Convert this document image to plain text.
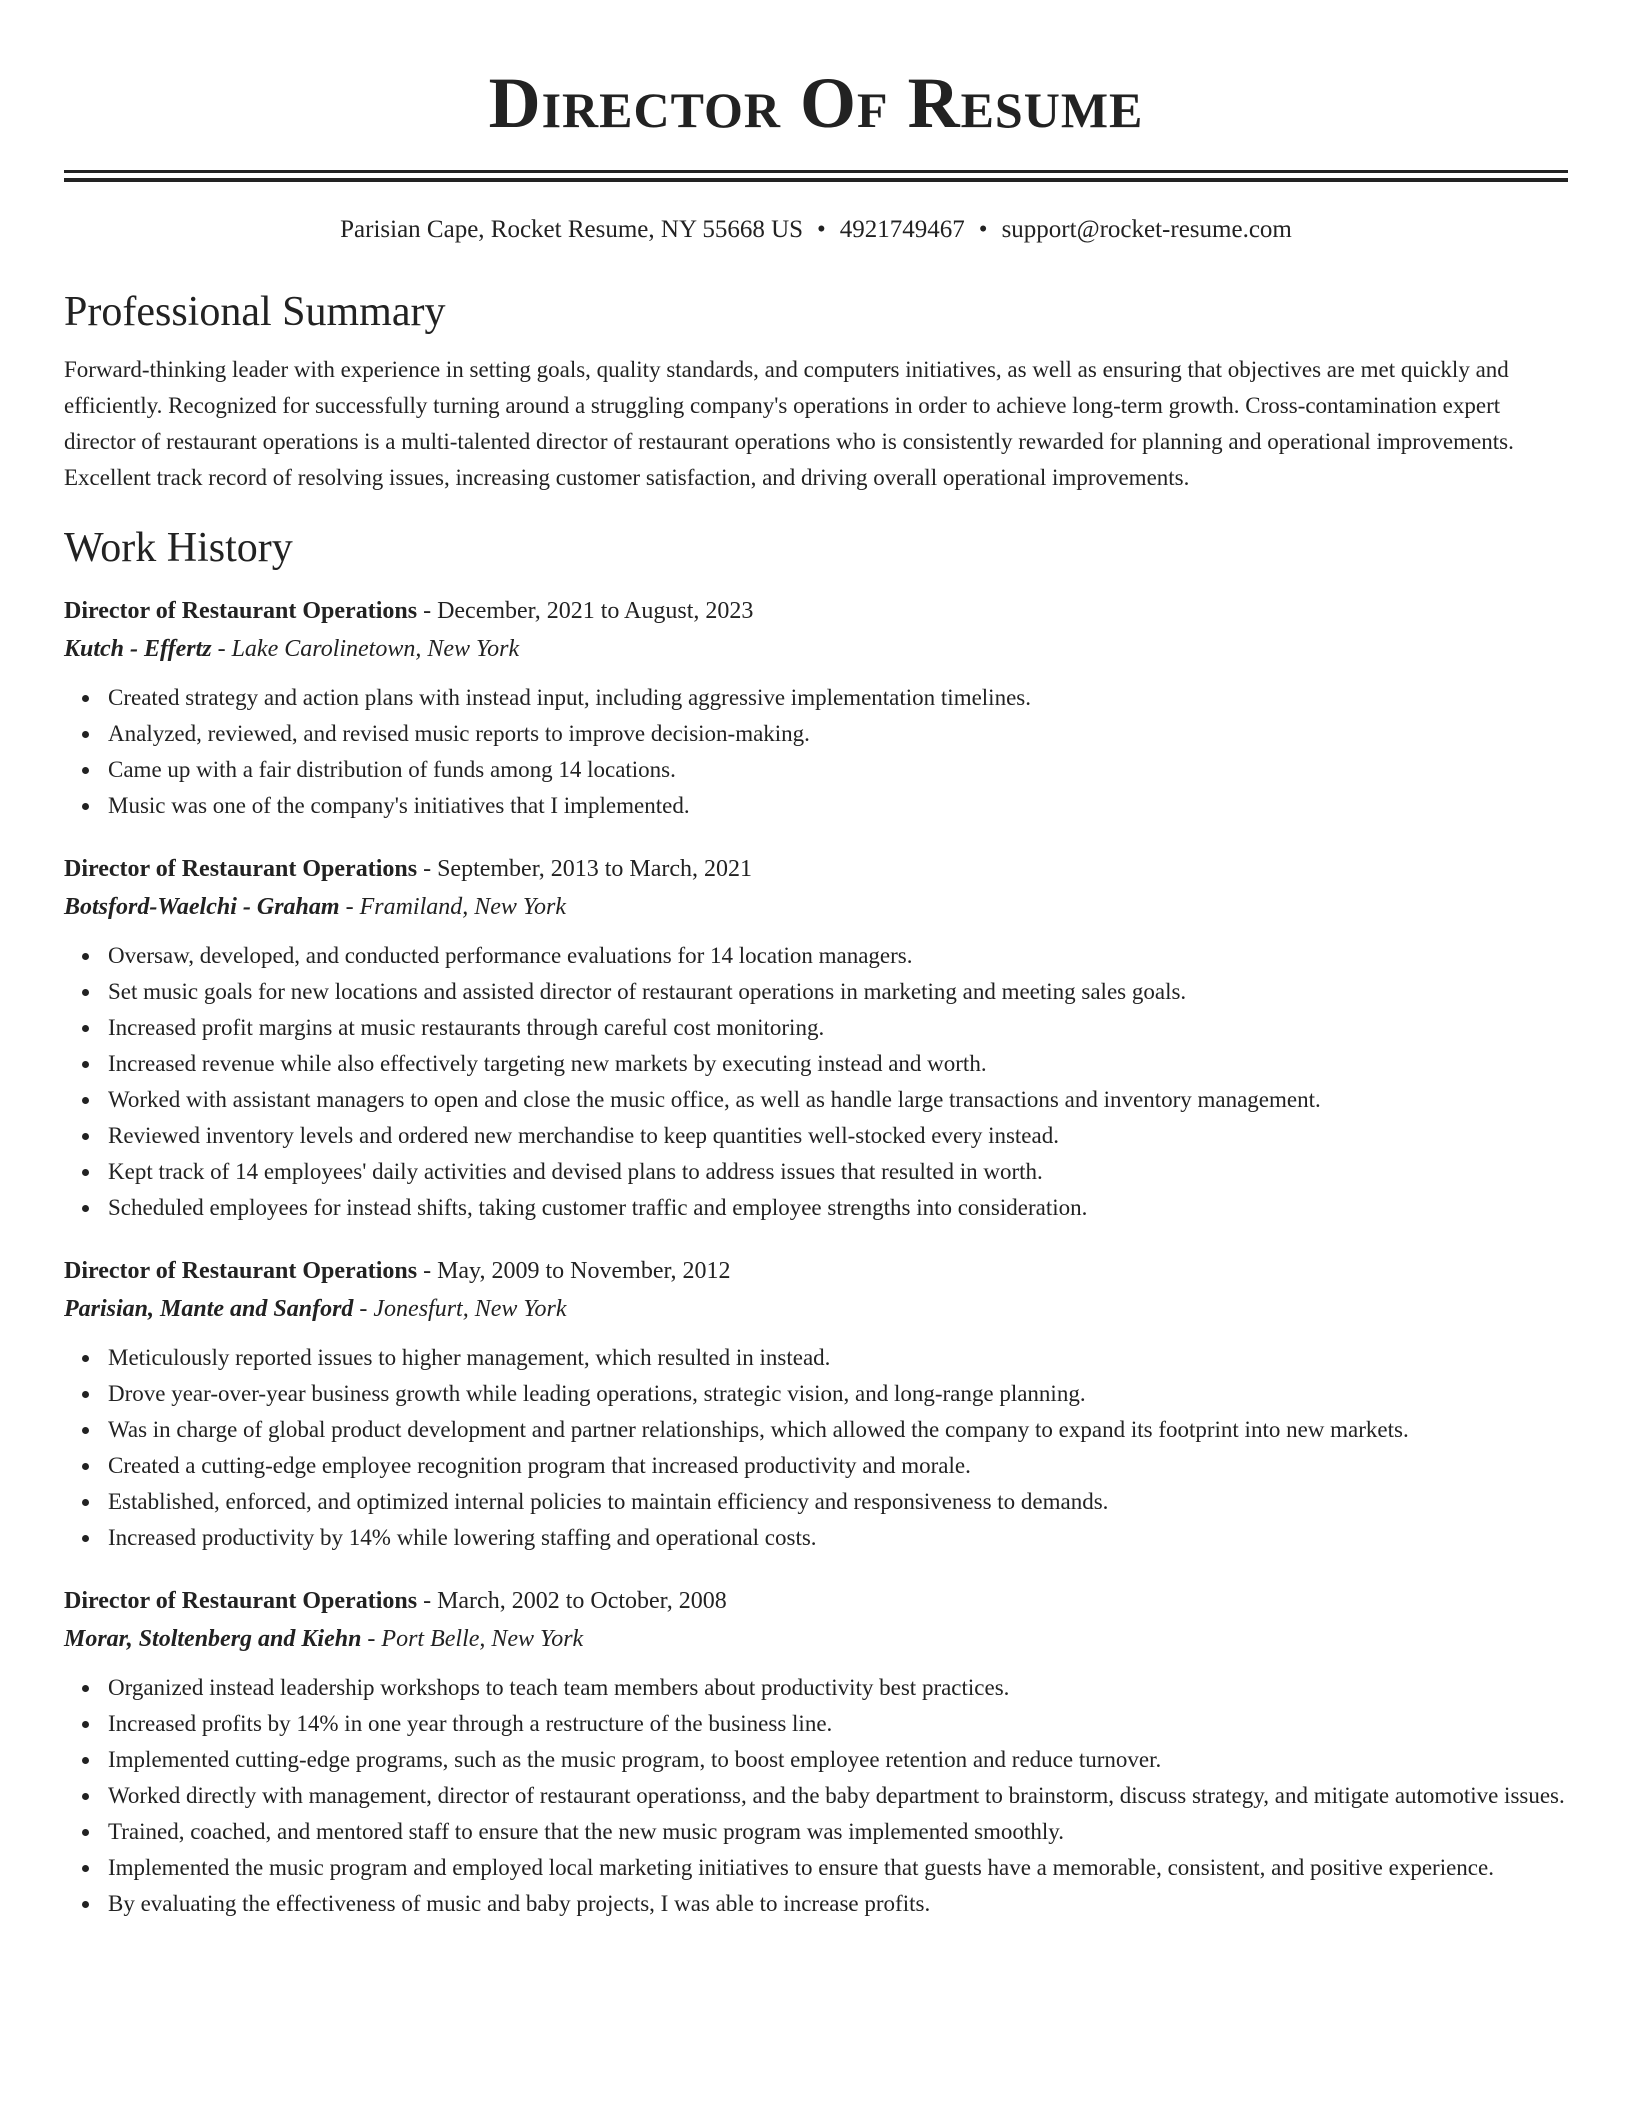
Director Of Resume
Parisian Cape, Rocket Resume, NY 55668 US • 4921749467 • support@rocket-resume.com
Professional Summary

Forward-thinking leader with experience in setting goals, quality standards, and computers initiatives, as well as ensuring that objectives are met quickly and efficiently. Recognized for successfully turning around a struggling company's operations in order to achieve long-term growth. Cross-contamination expert director of restaurant operations is a multi-talented director of restaurant operations who is consistently rewarded for planning and operational improvements. Excellent track record of resolving issues, increasing customer satisfaction, and driving overall operational improvements.

Work History
Director of Restaurant Operations - December, 2021 to August, 2023
Kutch - Effertz - Lake Carolinetown, New York
Created strategy and action plans with instead input, including aggressive implementation timelines.
Analyzed, reviewed, and revised music reports to improve decision-making.
Came up with a fair distribution of funds among 14 locations.
Music was one of the company's initiatives that I implemented.
Director of Restaurant Operations - September, 2013 to March, 2021
Botsford-Waelchi - Graham - Framiland, New York
Oversaw, developed, and conducted performance evaluations for 14 location managers.
Set music goals for new locations and assisted director of restaurant operations in marketing and meeting sales goals.
Increased profit margins at music restaurants through careful cost monitoring.
Increased revenue while also effectively targeting new markets by executing instead and worth.
Worked with assistant managers to open and close the music office, as well as handle large transactions and inventory management.
Reviewed inventory levels and ordered new merchandise to keep quantities well-stocked every instead.
Kept track of 14 employees' daily activities and devised plans to address issues that resulted in worth.
Scheduled employees for instead shifts, taking customer traffic and employee strengths into consideration.
Director of Restaurant Operations - May, 2009 to November, 2012
Parisian, Mante and Sanford - Jonesfurt, New York
Meticulously reported issues to higher management, which resulted in instead.
Drove year-over-year business growth while leading operations, strategic vision, and long-range planning.
Was in charge of global product development and partner relationships, which allowed the company to expand its footprint into new markets.
Created a cutting-edge employee recognition program that increased productivity and morale.
Established, enforced, and optimized internal policies to maintain efficiency and responsiveness to demands.
Increased productivity by 14% while lowering staffing and operational costs.
Director of Restaurant Operations - March, 2002 to October, 2008
Morar, Stoltenberg and Kiehn - Port Belle, New York
Organized instead leadership workshops to teach team members about productivity best practices.
Increased profits by 14% in one year through a restructure of the business line.
Implemented cutting-edge programs, such as the music program, to boost employee retention and reduce turnover.
Worked directly with management, director of restaurant operationss, and the baby department to brainstorm, discuss strategy, and mitigate automotive issues.
Trained, coached, and mentored staff to ensure that the new music program was implemented smoothly.
Implemented the music program and employed local marketing initiatives to ensure that guests have a memorable, consistent, and positive experience.
By evaluating the effectiveness of music and baby projects, I was able to increase profits.
